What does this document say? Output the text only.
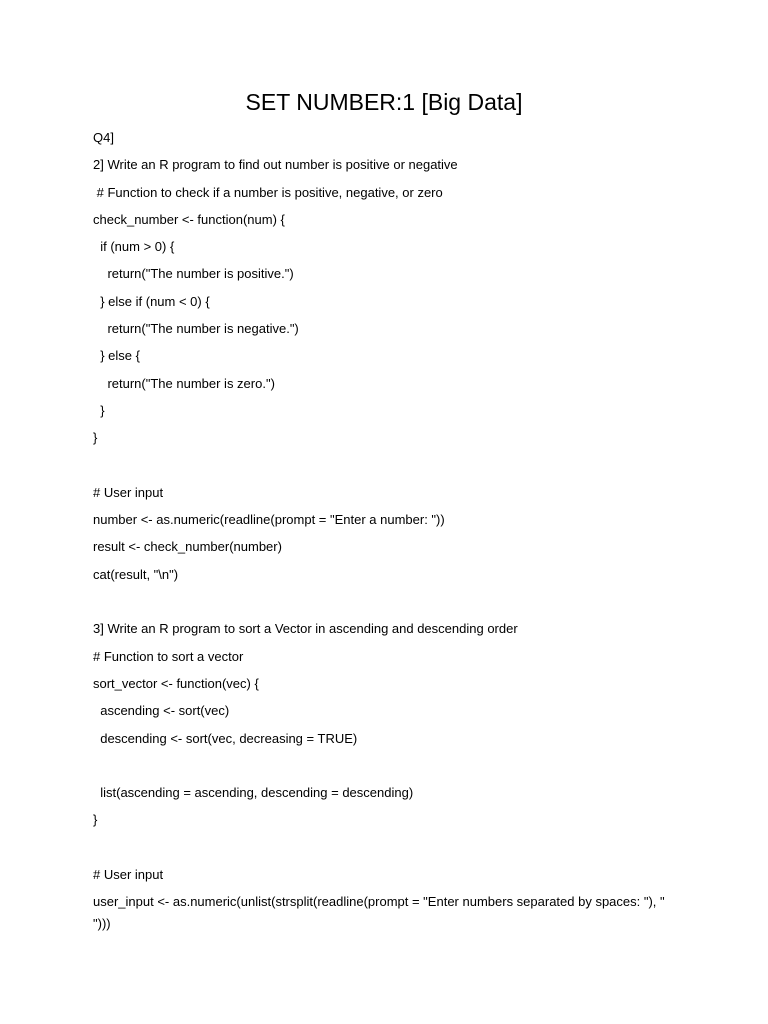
SET NUMBER:1 [Big Data]
Q4]
2] Write an R program to find out number is positive or negative
# Function to check if a number is positive, negative, or zero
check_number <- function(num) {
if (num > 0) {
return("The number is positive.")
} else if (num < 0) {
return("The number is negative.")
} else {
return("The number is zero.")
}
}
# User input
number <- as.numeric(readline(prompt = "Enter a number: "))
result <- check_number(number)
cat(result, "\n")
3] Write an R program to sort a Vector in ascending and descending order
# Function to sort a vector
sort_vector <- function(vec) {
ascending <- sort(vec)
descending <- sort(vec, decreasing = TRUE)
list(ascending = ascending, descending = descending)
}
# User input
user_input <- as.numeric(unlist(strsplit(readline(prompt = "Enter numbers separated by spaces: "), "
")))
